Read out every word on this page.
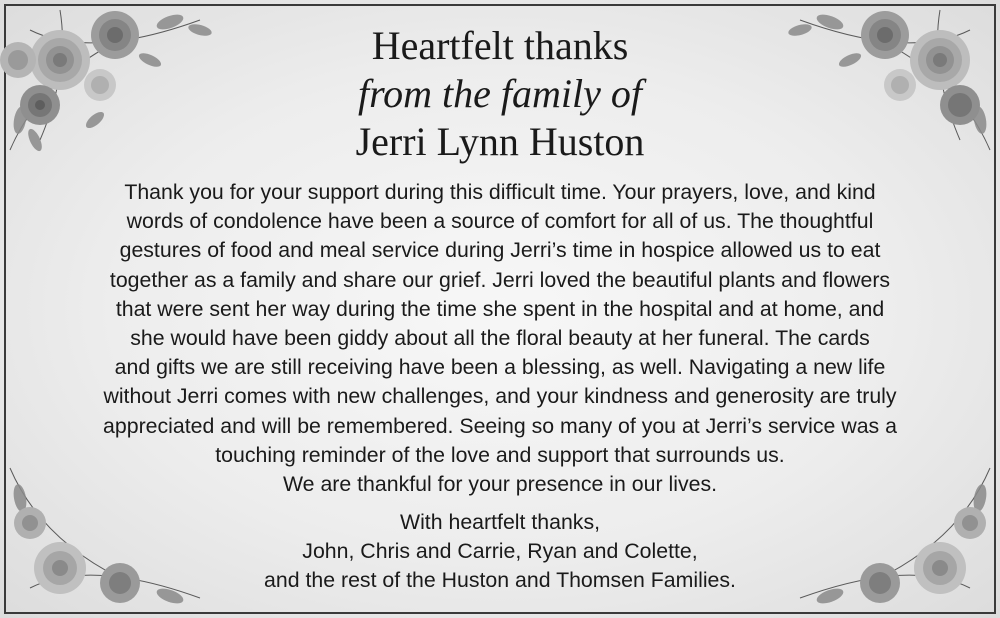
Heartfelt thanks
from the family of
Jerri Lynn Huston
Thank you for your support during this difficult time. Your prayers, love, and kind
words of condolence have been a source of comfort for all of us. The thoughtful
gestures of food and meal service during Jerri’s time in hospice allowed us to eat
together as a family and share our grief. Jerri loved the beautiful plants and flowers
that were sent her way during the time she spent in the hospital and at home, and
she would have been giddy about all the floral beauty at her funeral. The cards
and gifts we are still receiving have been a blessing, as well. Navigating a new life
without Jerri comes with new challenges, and your kindness and generosity are truly
appreciated and will be remembered. Seeing so many of you at Jerri’s service was a
touching reminder of the love and support that surrounds us.
We are thankful for your presence in our lives.
With heartfelt thanks,
John, Chris and Carrie, Ryan and Colette,
and the rest of the Huston and Thomsen Families.
